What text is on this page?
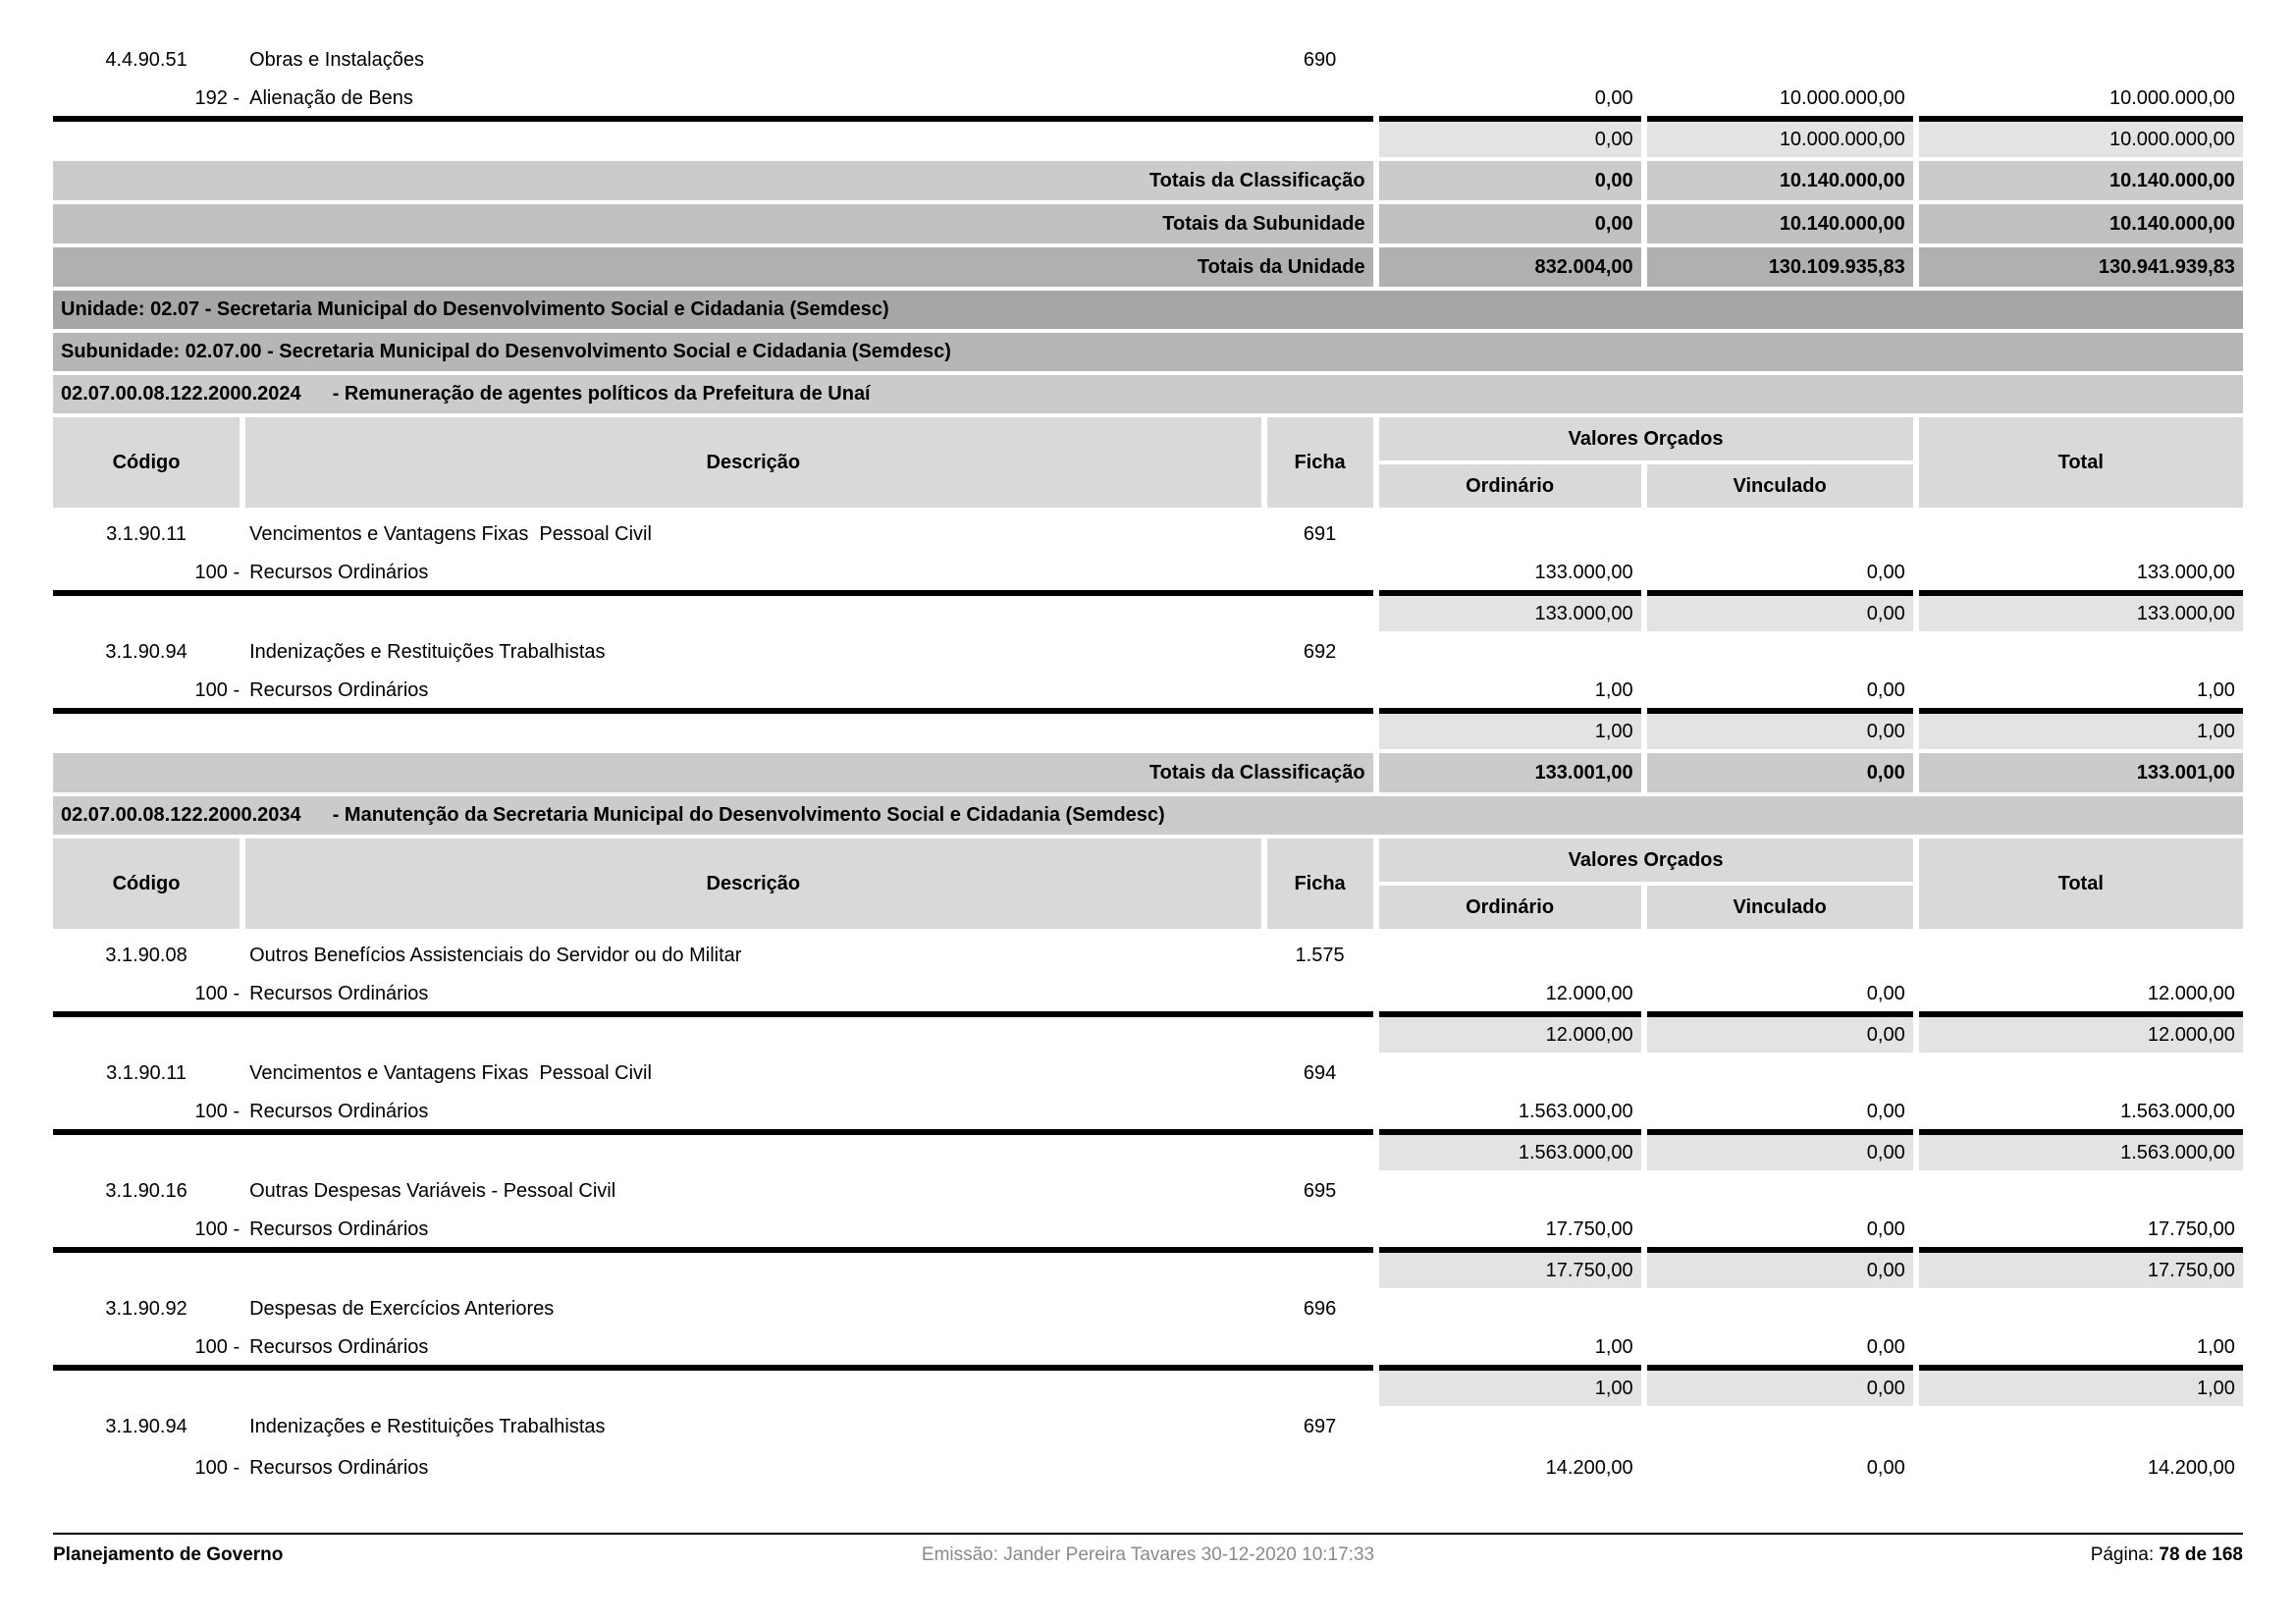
4.4.90.51	Obras e Instalações	690
192 - Alienação de Bens	0,00	10.000.000,00	10.000.000,00
0,00	10.000.000,00	10.000.000,00
Totais da Classificação	0,00	10.140.000,00	10.140.000,00
Totais da Subunidade	0,00	10.140.000,00	10.140.000,00
Totais da Unidade	832.004,00	130.109.935,83	130.941.939,83
Unidade: 02.07 - Secretaria Municipal do Desenvolvimento Social e Cidadania (Semdesc)
Subunidade: 02.07.00 - Secretaria Municipal do Desenvolvimento Social e Cidadania (Semdesc)
02.07.00.08.122.2000.2024 - Remuneração de agentes políticos da Prefeitura de Unaí
Código	Descrição	Ficha
Valores Orçados
Ordinário	Vinculado
Total
3.1.90.11	Vencimentos e Vantagens Fixas  Pessoal Civil	691
100 - Recursos Ordinários	133.000,00	0,00	133.000,00
133.000,00	0,00	133.000,00
3.1.90.94	Indenizações e Restituições Trabalhistas	692
100 - Recursos Ordinários	1,00	0,00	1,00
1,00	0,00	1,00
Totais da Classificação	133.001,00	0,00	133.001,00
02.07.00.08.122.2000.2034 - Manutenção da Secretaria Municipal do Desenvolvimento Social e Cidadania (Semdesc)
Código	Descrição	Ficha
Valores Orçados
Ordinário	Vinculado
Total
3.1.90.08	Outros Benefícios Assistenciais do Servidor ou do Militar	1.575
100 - Recursos Ordinários	12.000,00	0,00	12.000,00
12.000,00	0,00	12.000,00
3.1.90.11	Vencimentos e Vantagens Fixas  Pessoal Civil	694
100 - Recursos Ordinários	1.563.000,00	0,00	1.563.000,00
1.563.000,00	0,00	1.563.000,00
3.1.90.16	Outras Despesas Variáveis - Pessoal Civil	695
100 - Recursos Ordinários	17.750,00	0,00	17.750,00
17.750,00	0,00	17.750,00
3.1.90.92	Despesas de Exercícios Anteriores	696
100 - Recursos Ordinários	1,00	0,00	1,00
1,00	0,00	1,00
3.1.90.94	Indenizações e Restituições Trabalhistas	697
100 - Recursos Ordinários	14.200,00	0,00	14.200,00
Planejamento de Governo	Emissão: Jander Pereira Tavares 30-12-2020 10:17:33	Página: 78 de 168
